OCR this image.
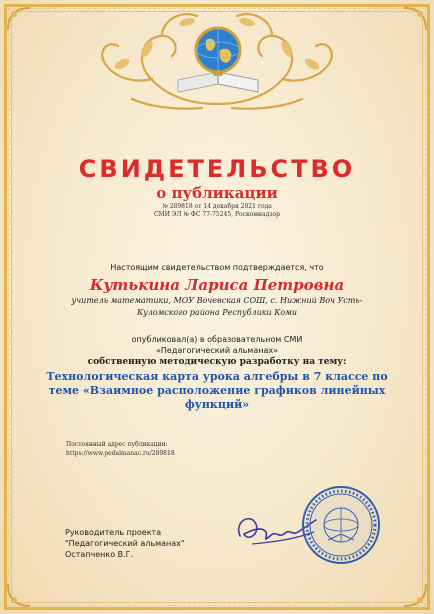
СВИДЕТЕЛЬСТВО
о публикации
№ 289818 от 14 декабря 2021 года
СМИ ЭЛ № ФС 77-75245, Роскомнадзор
Настоящим свидетельством подтверждается, что
Кутькина Лариса Петровна
учитель математики, МОУ Вочевская СОШ, с. Нижний Воч Усть-Куломского района Республики Коми
опубликовал(а) в образовательном СМИ
«Педагогический альманах»
собственную методическую разработку на тему:
Технологическая карта урока алгебры в 7 классе по теме «Взаимное расположение графиков линейных функций»
Постоянный адрес публикации:
https://www.pedalmanac.ru/289818
Руководитель проекта
"Педагогический альманах"
Остапченко В.Г.
